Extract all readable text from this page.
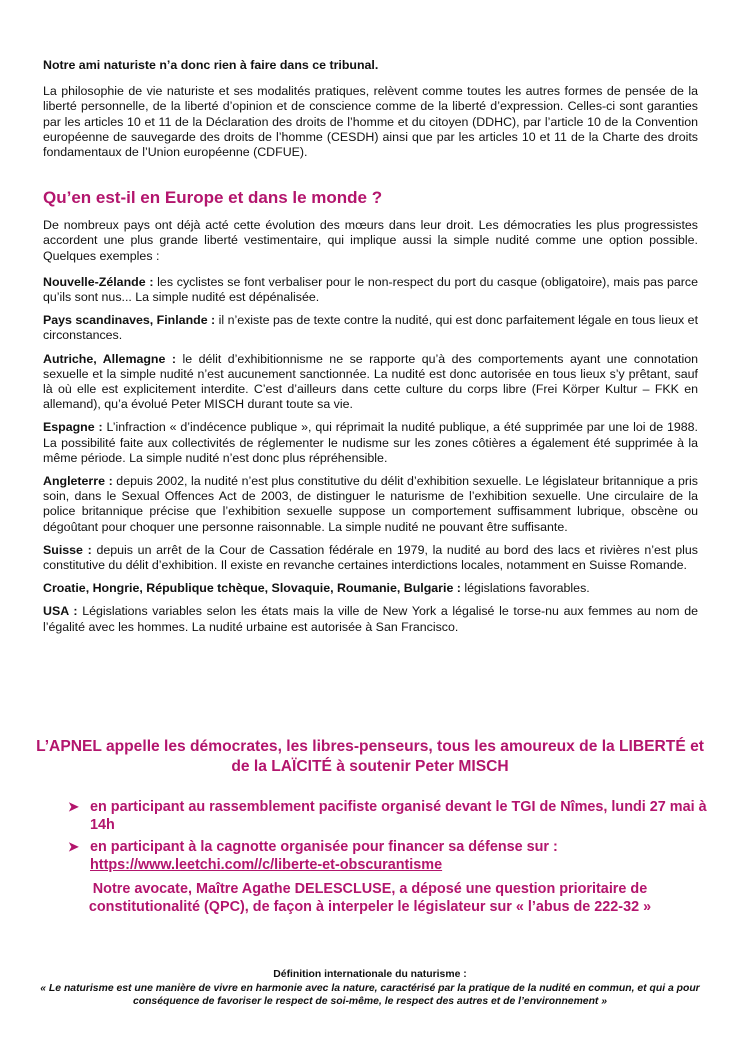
Notre ami naturiste n’a donc rien à faire dans ce tribunal.

La philosophie de vie naturiste et ses modalités pratiques, relèvent comme toutes les autres formes de pensée de la liberté personnelle, de la liberté d’opinion et de conscience comme de la liberté d’expression. Celles-ci sont garanties par les articles 10 et 11 de la Déclaration des droits de l’homme et du citoyen (DDHC), par l’article 10 de la Convention européenne de sauvegarde des droits de l’homme (CESDH) ainsi que par les articles 10 et 11 de la Charte des droits fondamentaux de l’Union européenne (CDFUE).

Qu’en est-il en Europe et dans le monde ?

De nombreux pays ont déjà acté cette évolution des mœurs dans leur droit. Les démocraties les plus progressistes accordent une plus grande liberté vestimentaire, qui implique aussi la simple nudité comme une option possible. Quelques exemples :

Nouvelle-Zélande : les cyclistes se font verbaliser pour le non-respect du port du casque (obligatoire), mais pas parce qu’ils sont nus... La simple nudité est dépénalisée.

Pays scandinaves, Finlande : il n’existe pas de texte contre la nudité, qui est donc parfaitement légale en tous lieux et circonstances.

Autriche, Allemagne : le délit d’exhibitionnisme ne se rapporte qu’à des comportements ayant une connotation sexuelle et la simple nudité n’est aucunement sanctionnée. La nudité est donc autorisée en tous lieux s’y prêtant, sauf là où elle est explicitement interdite. C’est d’ailleurs dans cette culture du corps libre (Frei Körper Kultur – FKK en allemand), qu’a évolué Peter MISCH durant toute sa vie.

Espagne : L’infraction « d’indécence publique », qui réprimait la nudité publique, a été supprimée par une loi de 1988. La possibilité faite aux collectivités de réglementer le nudisme sur les zones côtières a également été supprimée à la même période. La simple nudité n’est donc plus répréhensible.

Angleterre : depuis 2002, la nudité n’est plus constitutive du délit d’exhibition sexuelle. Le législateur britannique a pris soin, dans le Sexual Offences Act de 2003, de distinguer le naturisme de l’exhibition sexuelle. Une circulaire de la police britannique précise que l’exhibition sexuelle suppose un comportement suffisamment lubrique, obscène ou dégoûtant pour choquer une personne raisonnable. La simple nudité ne pouvant être suffisante.

Suisse : depuis un arrêt de la Cour de Cassation fédérale en 1979, la nudité au bord des lacs et rivières n’est plus constitutive du délit d’exhibition. Il existe en revanche certaines interdictions locales, notamment en Suisse Romande.

Croatie, Hongrie, République tchèque, Slovaquie, Roumanie, Bulgarie : législations favorables.

USA : Législations variables selon les états mais la ville de New York a légalisé le torse-nu aux femmes au nom de l’égalité avec les hommes. La nudité urbaine est autorisée à San Francisco.

L’APNEL appelle les démocrates, les libres-penseurs, tous les amoureux de la LIBERTÉ et de la LAÏCITÉ à soutenir Peter MISCH
➤ en participant au rassemblement pacifiste organisé devant le TGI de Nîmes, lundi 27 mai à 14h
➤ en participant à la cagnotte organisée pour financer sa défense sur :
https://www.leetchi.com//c/liberte-et-obscurantisme
Notre avocate, Maître Agathe DELESCLUSE, a déposé une question prioritaire de constitutionalité (QPC), de façon à interpeler le législateur sur « l’abus de 222-32 »
Définition internationale du naturisme :
« Le naturisme est une manière de vivre en harmonie avec la nature, caractérisé par la pratique de la nudité en commun, et qui a pour conséquence de favoriser le respect de soi-même, le respect des autres et de l’environnement »
